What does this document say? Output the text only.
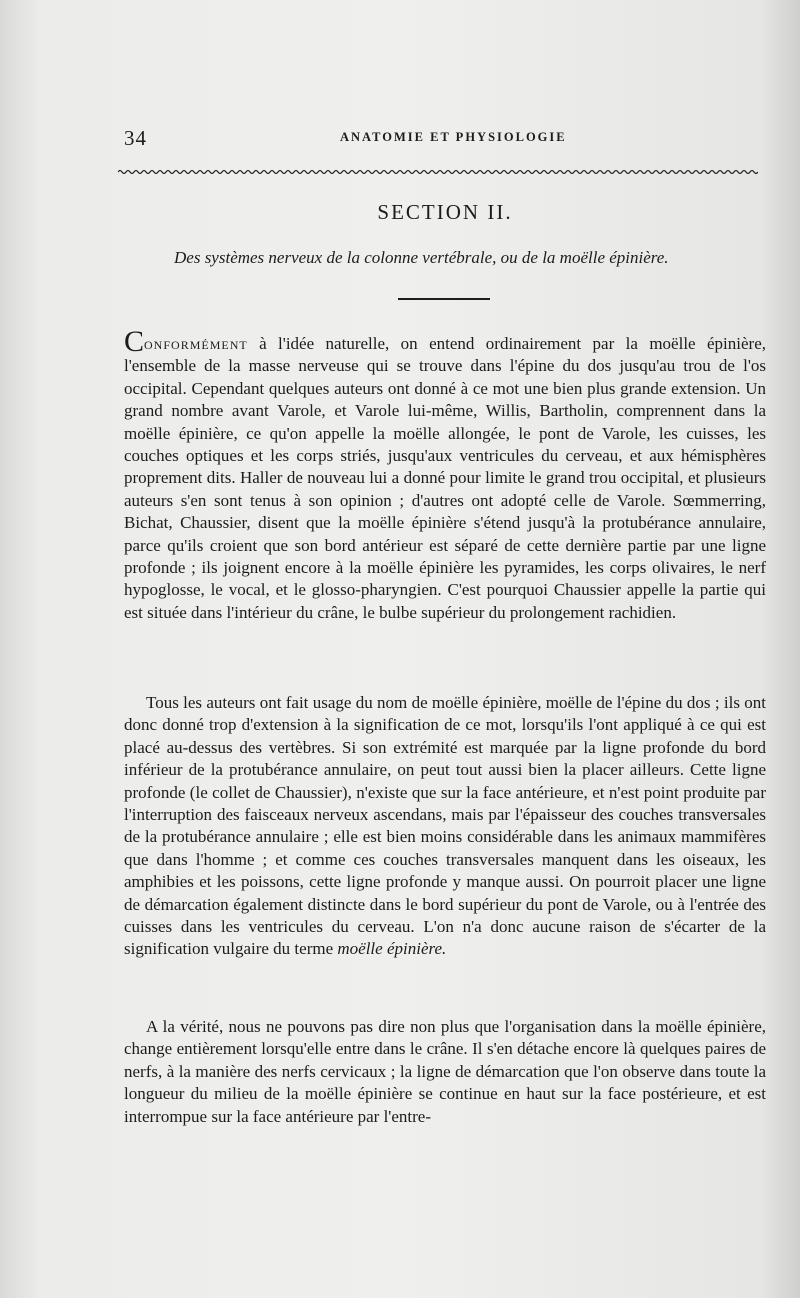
34	ANATOMIE ET PHYSIOLOGIE
SECTION II.
Des systèmes nerveux de la colonne vertébrale, ou de la moëlle épinière.

Conformément à l'idée naturelle, on entend ordinairement par la moëlle épinière, l'ensemble de la masse nerveuse qui se trouve dans l'épine du dos jusqu'au trou de l'os occipital. Cependant quelques auteurs ont donné à ce mot une bien plus grande extension. Un grand nombre avant Varole, et Varole lui-même, Willis, Bartholin, comprennent dans la moëlle épinière, ce qu'on appelle la moëlle allongée, le pont de Varole, les cuisses, les couches optiques et les corps striés, jusqu'aux ventricules du cerveau, et aux hémisphères proprement dits. Haller de nouveau lui a donné pour limite le grand trou occipital, et plusieurs auteurs s'en sont tenus à son opinion ; d'autres ont adopté celle de Varole. Sœmmerring, Bichat, Chaussier, disent que la moëlle épinière s'étend jusqu'à la protubérance annulaire, parce qu'ils croient que son bord antérieur est séparé de cette dernière partie par une ligne profonde ; ils joignent encore à la moëlle épinière les pyramides, les corps olivaires, le nerf hypoglosse, le vocal, et le glosso-pharyngien. C'est pourquoi Chaussier appelle la partie qui est située dans l'intérieur du crâne, le bulbe supérieur du prolongement rachidien.

Tous les auteurs ont fait usage du nom de moëlle épinière, moëlle de l'épine du dos ; ils ont donc donné trop d'extension à la signification de ce mot, lorsqu'ils l'ont appliqué à ce qui est placé au-dessus des vertèbres. Si son extrémité est marquée par la ligne profonde du bord inférieur de la protubérance annulaire, on peut tout aussi bien la placer ailleurs. Cette ligne profonde (le collet de Chaussier), n'existe que sur la face antérieure, et n'est point produite par l'interruption des faisceaux nerveux ascendans, mais par l'épaisseur des couches transversales de la protubérance annulaire ; elle est bien moins considérable dans les animaux mammifères que dans l'homme ; et comme ces couches transversales manquent dans les oiseaux, les amphibies et les poissons, cette ligne profonde y manque aussi. On pourroit placer une ligne de démarcation également distincte dans le bord supérieur du pont de Varole, ou à l'entrée des cuisses dans les ventricules du cerveau. L'on n'a donc aucune raison de s'écarter de la signification vulgaire du terme moëlle épinière.

A la vérité, nous ne pouvons pas dire non plus que l'organisation dans la moëlle épinière, change entièrement lorsqu'elle entre dans le crâne. Il s'en détache encore là quelques paires de nerfs, à la manière des nerfs cervicaux ; la ligne de démarcation que l'on observe dans toute la longueur du milieu de la moëlle épinière se continue en haut sur la face postérieure, et est interrompue sur la face antérieure par l'entre-
